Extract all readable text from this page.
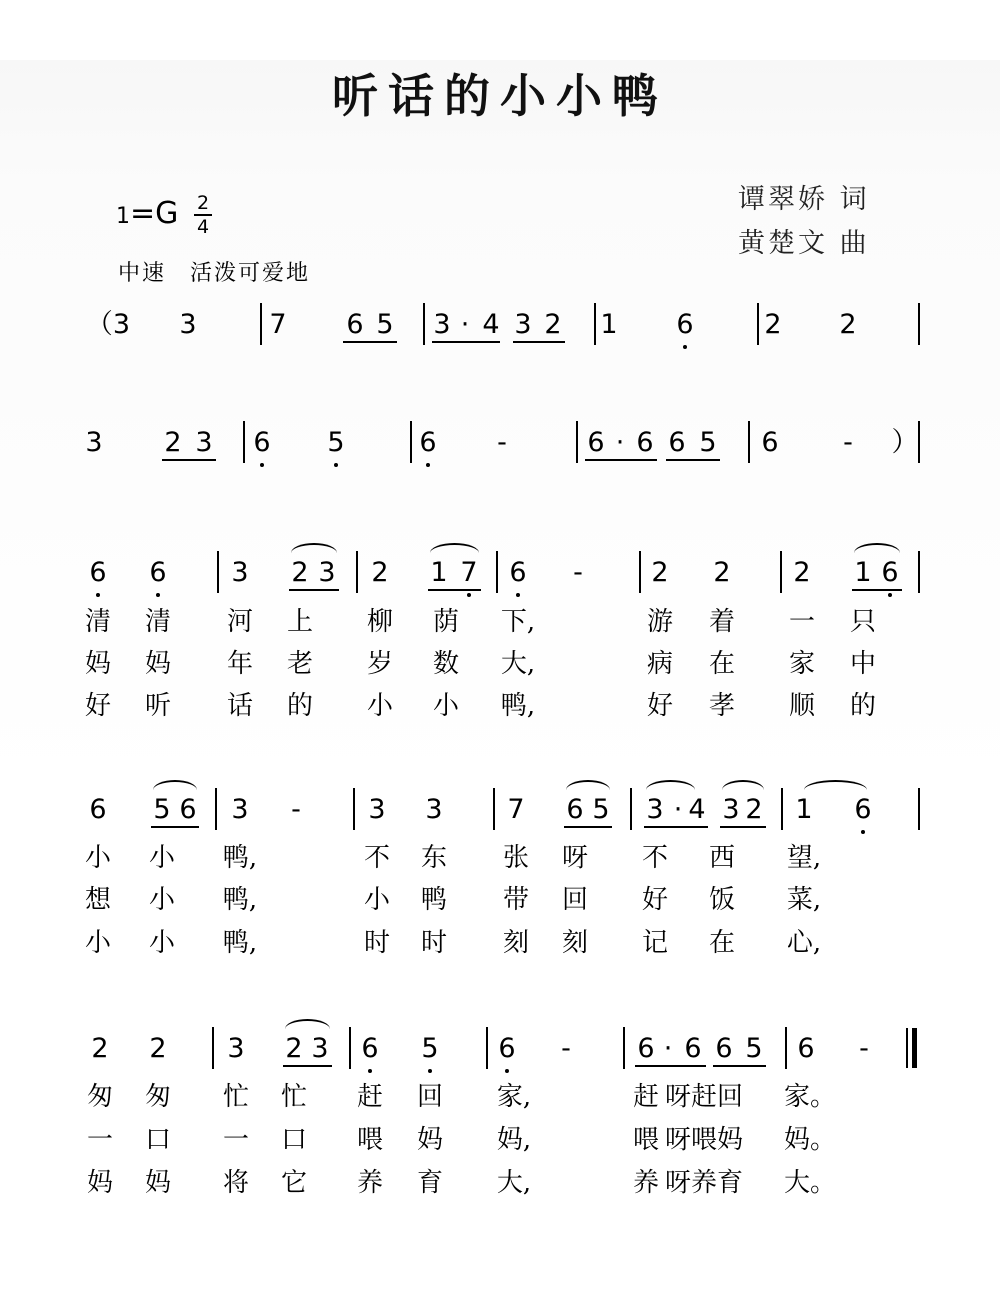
听话的小小鸭
谭翠娇 词
黄楚文 曲
1=G 2
4
中速　活泼可爱地
（3 3	7 6 5 3 · 4 3 2 1 6	2 2
3 2 3 6 5	6 -	6 · 6 6 5 6 - ）
6 6 3 2 3 2 1 7 6 -	2 2 2 1 6
清 清 河 上 柳 荫 下,	游 着 一 只
妈 妈 年 老 岁 数 大,	病 在 家 中
好 听 话 的 小 小 鸭,	好 孝 顺 的
6 5 6 3 -	3 3 7 6 5 3 · 4 3 2 1 6
小 小 鸭,	不 东 张 呀 不 西 望,
想 小 鸭,	小 鸭 带 回 好 饭 菜,
小 小 鸭,	时 时 刻 刻 记 在 心,
2 2 3 2 3 6 5 6 - 6 · 6 6 5 6 -
匆 匆 忙 忙 赶 回 家,	赶 呀赶回 家。
一 口 一 口 喂 妈 妈,	喂 呀喂妈 妈。
妈 妈 将 它 养 育 大,	养 呀养育 大。
